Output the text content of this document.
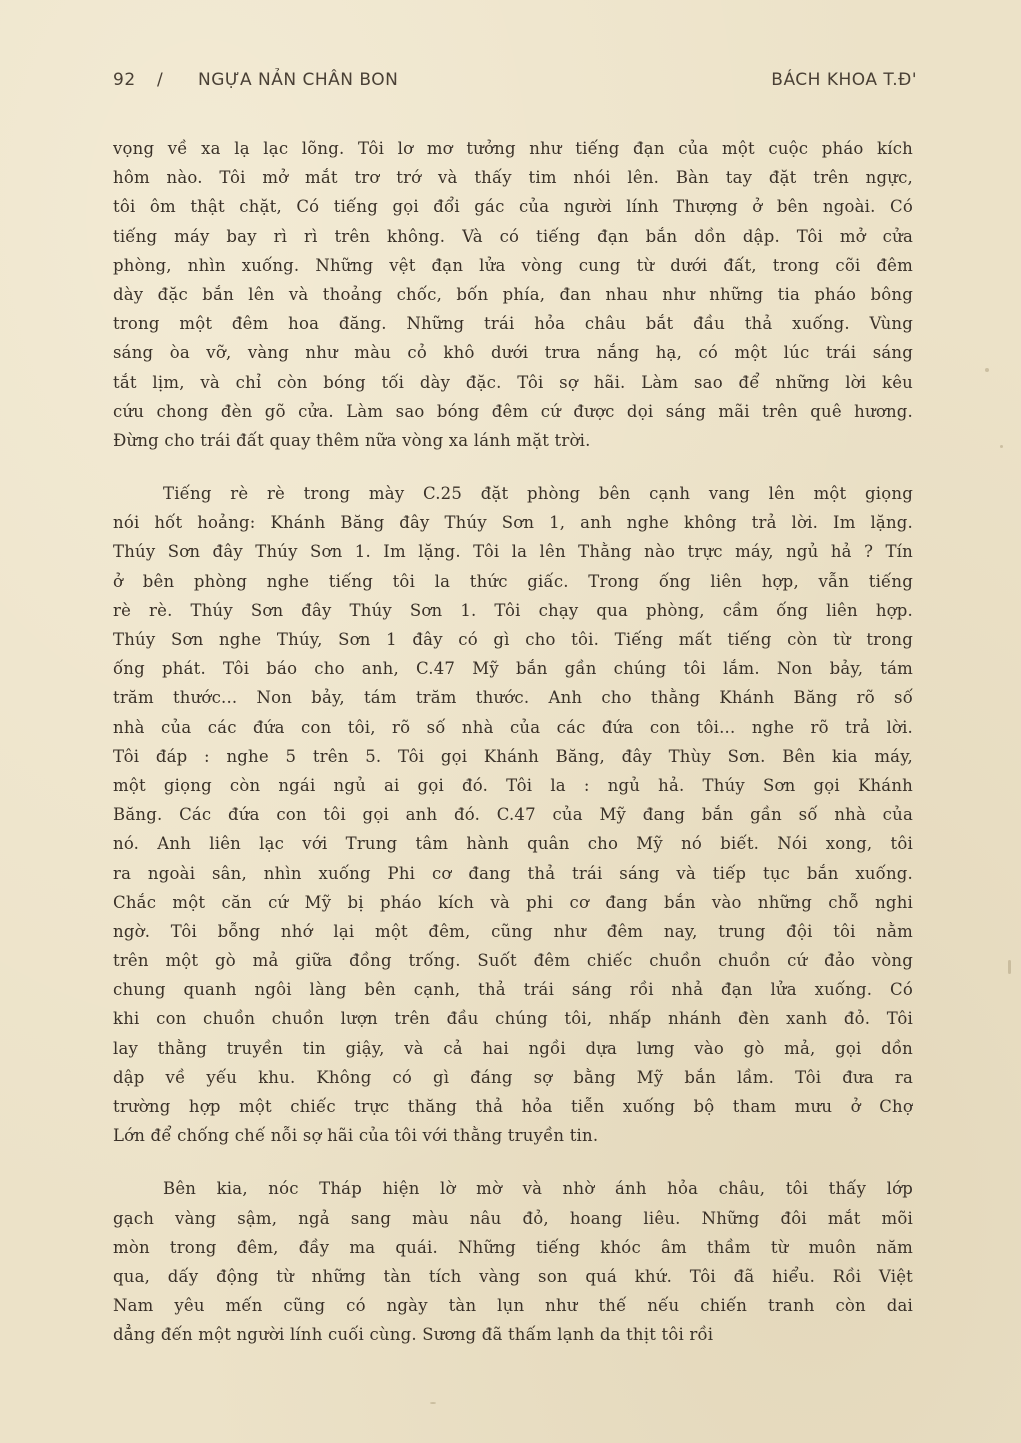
92 / NGỰA NẢN CHÂN BON	BÁCH KHOA T.Đ'
vọng về xa lạ lạc lõng. Tôi lơ mơ tưởng như tiếng đạn của một cuộc pháo kích
hôm nào. Tôi mở mắt trơ trớ và thấy tim nhói lên. Bàn tay đặt trên ngực,
tôi ôm thật chặt, Có tiếng gọi đổi gác của người lính Thượng ở bên ngoài. Có
tiếng máy bay rì rì trên không. Và có tiếng đạn bắn dồn dập. Tôi mở cửa
phòng, nhìn xuống. Những vệt đạn lửa vòng cung từ dưới đất, trong cõi đêm
dày đặc bắn lên và thoảng chốc, bốn phía, đan nhau như những tia pháo bông
trong một đêm hoa đăng. Những trái hỏa châu bắt đầu thả xuống. Vùng
sáng òa vỡ, vàng như màu cỏ khô dưới trưa nắng hạ, có một lúc trái sáng
tắt lịm, và chỉ còn bóng tối dày đặc. Tôi sợ hãi. Làm sao để những lời kêu
cứu chong đèn gõ cửa. Làm sao bóng đêm cứ được dọi sáng mãi trên quê hương.
Đừng cho trái đất quay thêm nữa vòng xa lánh mặt trời.
Tiếng rè rè trong mày C.25 đặt phòng bên cạnh vang lên một giọng
nói hốt hoảng: Khánh Băng đây Thúy Sơn 1, anh nghe không trả lời. Im lặng.
Thúy Sơn đây Thúy Sơn 1. Im lặng. Tôi la lên Thằng nào trực máy, ngủ hả ? Tín
ở bên phòng nghe tiếng tôi la thức giấc. Trong ống liên hợp, vẫn tiếng
rè rè. Thúy Sơn đây Thúy Sơn 1. Tôi chạy qua phòng, cầm ống liên hợp.
Thúy Sơn nghe Thúy, Sơn 1 đây có gì cho tôi. Tiếng mất tiếng còn từ trong
ống phát. Tôi báo cho anh, C.47 Mỹ bắn gần chúng tôi lắm. Non bảy, tám
trăm thước... Non bảy, tám trăm thước. Anh cho thằng Khánh Băng rõ số
nhà của các đứa con tôi, rõ số nhà của các đứa con tôi... nghe rõ trả lời.
Tôi đáp : nghe 5 trên 5. Tôi gọi Khánh Băng, đây Thùy Sơn. Bên kia máy,
một giọng còn ngái ngủ ai gọi đó. Tôi la : ngủ hả. Thúy Sơn gọi Khánh
Băng. Các đứa con tôi gọi anh đó. C.47 của Mỹ đang bắn gần số nhà của
nó. Anh liên lạc với Trung tâm hành quân cho Mỹ nó biết. Nói xong, tôi
ra ngoài sân, nhìn xuống Phi cơ đang thả trái sáng và tiếp tục bắn xuống.
Chắc một căn cứ Mỹ bị pháo kích và phi cơ đang bắn vào những chỗ nghi
ngờ. Tôi bỗng nhớ lại một đêm, cũng như đêm nay, trung đội tôi nằm
trên một gò mả giữa đồng trống. Suốt đêm chiếc chuồn chuồn cứ đảo vòng
chung quanh ngôi làng bên cạnh, thả trái sáng rồi nhả đạn lửa xuống. Có
khi con chuồn chuồn lượn trên đầu chúng tôi, nhấp nhánh đèn xanh đỏ. Tôi
lay thằng truyền tin giậy, và cả hai ngồi dựa lưng vào gò mả, gọi dồn
dập về yếu khu. Không có gì đáng sợ bằng Mỹ bắn lầm. Tôi đưa ra
trường hợp một chiếc trực thăng thả hỏa tiễn xuống bộ tham mưu ở Chợ
Lớn để chống chế nỗi sợ hãi của tôi với thằng truyền tin.
Bên kia, nóc Tháp hiện lờ mờ và nhờ ánh hỏa châu, tôi thấy lớp
gạch vàng sậm, ngả sang màu nâu đỏ, hoang liêu. Những đôi mắt mõi
mòn trong đêm, đầy ma quái. Những tiếng khóc âm thầm từ muôn năm
qua, dấy động từ những tàn tích vàng son quá khứ. Tôi đã hiểu. Rồi Việt
Nam yêu mến cũng có ngày tàn lụn như thế nếu chiến tranh còn dai
dẳng đến một người lính cuối cùng. Sương đã thấm lạnh da thịt tôi rồi
